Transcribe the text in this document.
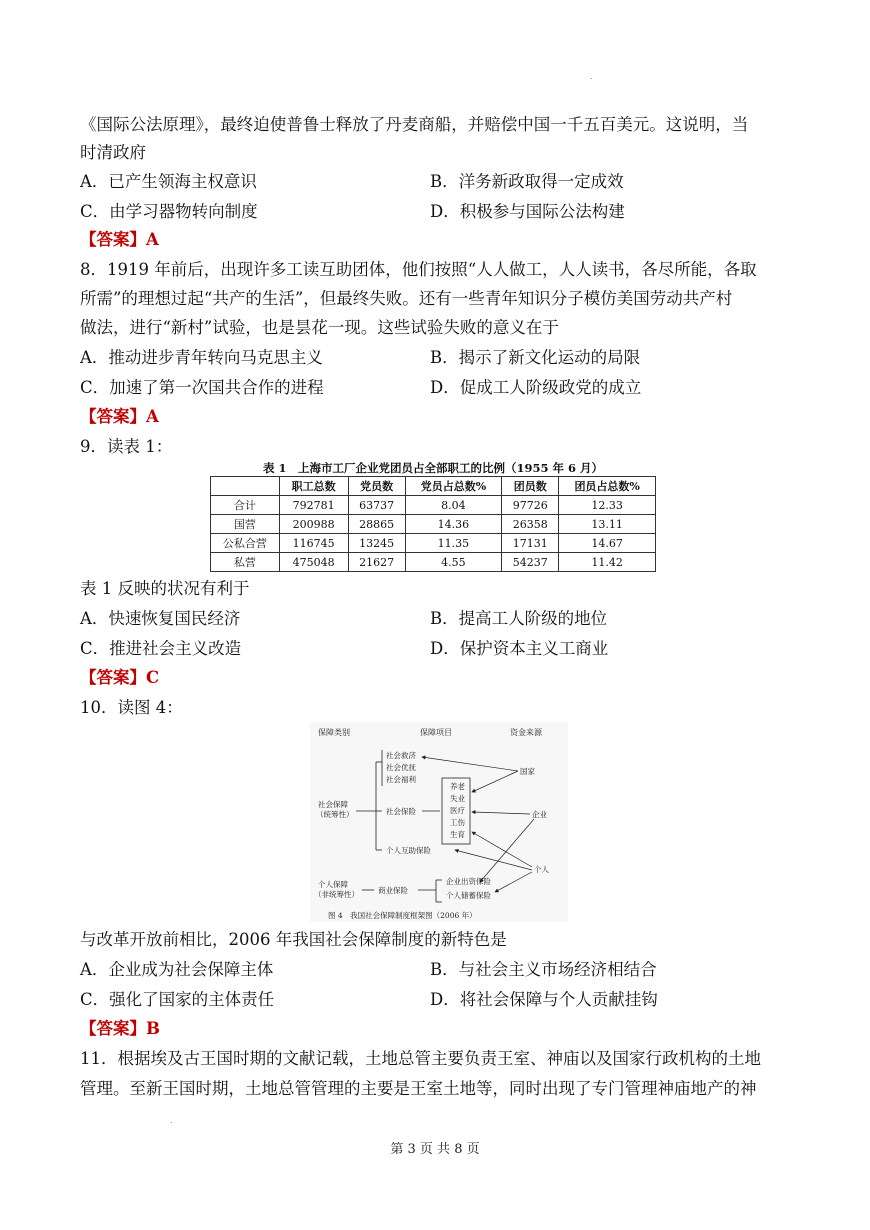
.
《国际公法原理》，最终迫使普鲁士释放了丹麦商船，并赔偿中国一千五百美元。这说明，当
时清政府
A．已产生领海主权意识	B．洋务新政取得一定成效
C．由学习器物转向制度	D．积极参与国际公法构建
【答案】A
8．1919 年前后，出现许多工读互助团体，他们按照“人人做工，人人读书，各尽所能，各取
所需”的理想过起“共产的生活”，但最终失败。还有一些青年知识分子模仿美国劳动共产村
做法，进行“新村”试验，也是昙花一现。这些试验失败的意义在于
A．推动进步青年转向马克思主义	B．揭示了新文化运动的局限
C．加速了第一次国共合作的进程	D．促成工人阶级政党的成立
【答案】A
9．读表 1：
表 1　上海市工厂企业党团员占全部职工的比例（1955 年 6 月）
	职工总数	党员数	党员占总数%	团员数	团员占总数%
合计	792781	63737	8.04	97726	12.33
国营	200988	28865	14.36	26358	13.11
公私合营	116745	13245	11.35	17131	14.67
私营	475048	21627	4.55	54237	11.42
表 1 反映的状况有利于
A．快速恢复国民经济	B．提高工人阶级的地位
C．推进社会主义改造	D．保护资本主义工商业
【答案】C
10．读图 4：
保障类别	保障项目	资金来源
社会保障
（统筹性）
社会救济
社会优抚
社会福利
社会保险
个人互助保险
养老
失业
医疗
工伤
生育
国家
企业
个人
个人保障
（非统筹性）	商业保险
企业出资保险
个人储蓄保险
图 4　我国社会保障制度框架图（2006 年）
与改革开放前相比，2006 年我国社会保障制度的新特色是
A．企业成为社会保障主体	B．与社会主义市场经济相结合
C．强化了国家的主体责任	D．将社会保障与个人贡献挂钩
【答案】B
11．根据埃及古王国时期的文献记载，土地总管主要负责王室、神庙以及国家行政机构的土地
管理。至新王国时期，土地总管管理的主要是王室土地等，同时出现了专门管理神庙地产的神
.
第 3 页 共 8 页
